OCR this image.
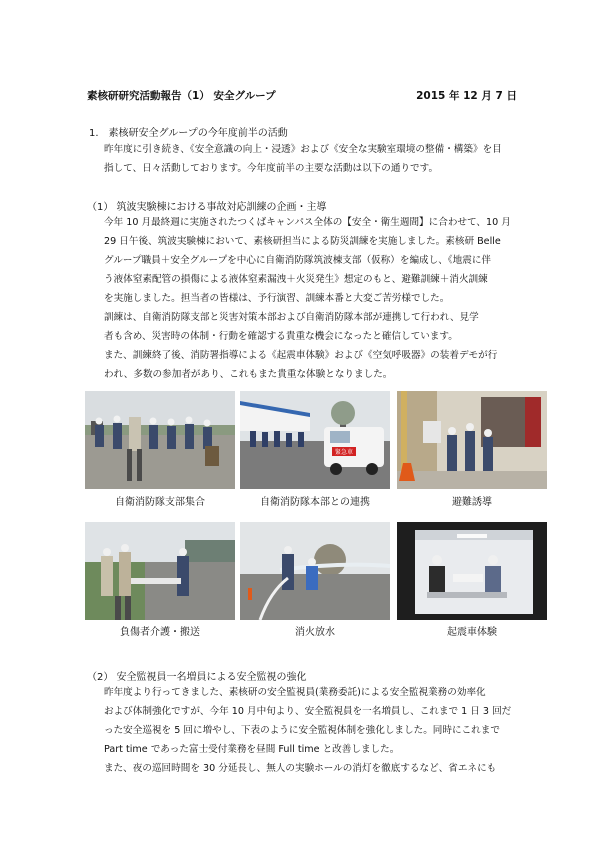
素核研研究活動報告（1） 安全グループ	2015 年 12 月 7 日
1.　素核研安全グループの今年度前半の活動
昨年度に引き続き、《安全意識の向上・浸透》および《安全な実験室環境の整備・構築》を目
指して、日々活動しております。今年度前半の主要な活動は以下の通りです。
（1） 筑波実験棟における事故対応訓練の企画・主導
今年 10 月最終週に実施されたつくばキャンパス全体の【安全・衛生週間】に合わせて、10 月
29 日午後、筑波実験棟において、素核研担当による防災訓練を実施しました。素核研 Belle
グループ職員＋安全グループを中心に自衛消防隊筑波棟支部（仮称）を編成し、《地震に伴
う液体窒素配管の損傷による液体窒素漏洩＋火災発生》想定のもと、避難訓練＋消火訓練
を実施しました。担当者の皆様は、予行演習、訓練本番と大変ご苦労様でした。
訓練は、自衛消防隊支部と災害対策本部および自衛消防隊本部が連携して行われ、見学
者も含め、災害時の体制・行動を確認する貴重な機会になったと確信しています。
また、訓練終了後、消防署指導による《起震車体験》および《空気呼吸器》の装着デモが行
われ、多数の参加者があり、これもまた貴重な体験となりました。
自衛消防隊支部集合
緊急車
自衛消防隊本部との連携	避難誘導
負傷者介護・搬送	消火放水	起震車体験
（2） 安全監視員一名増員による安全監視の強化
昨年度より行ってきました、素核研の安全監視員(業務委託)による安全監視業務の効率化
および体制強化ですが、今年 10 月中旬より、安全監視員を一名増員し、これまで 1 日 3 回だ
った安全巡視を 5 回に増やし、下表のように安全監視体制を強化しました。同時にこれまで
Part time であった富士受付業務を昼間 Full time と改善しました。
また、夜の巡回時間を 30 分延長し、無人の実験ホールの消灯を徹底するなど、省エネにも
